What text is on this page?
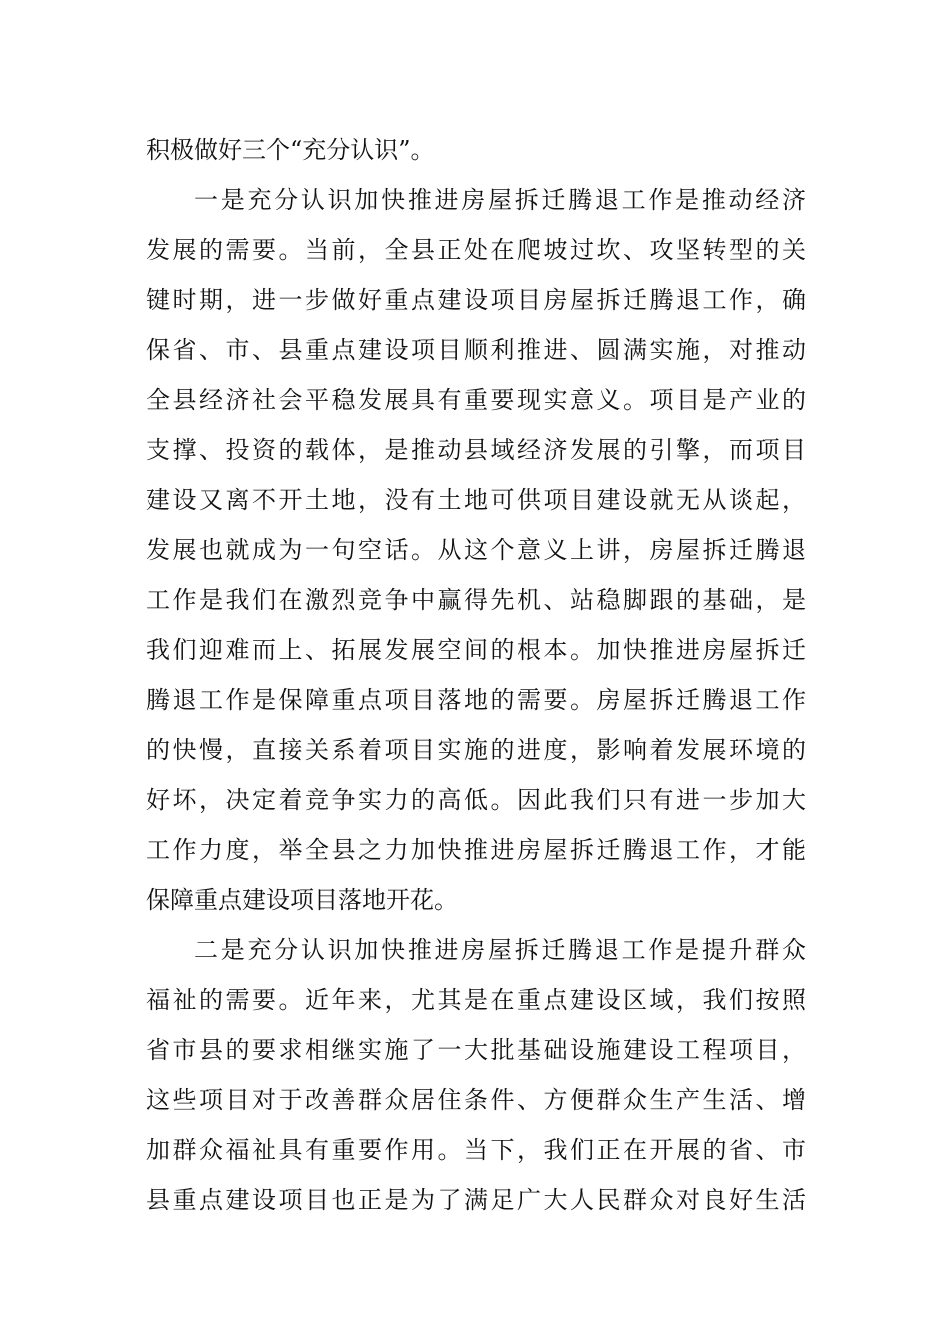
积极做好三个“充分认识”。
一是充分认识加快推进房屋拆迁腾退工作是推动经济
发展的需要。当前，全县正处在爬坡过坎、攻坚转型的关
键时期，进一步做好重点建设项目房屋拆迁腾退工作，确
保省、市、县重点建设项目顺利推进、圆满实施，对推动
全县经济社会平稳发展具有重要现实意义。项目是产业的
支撑、投资的载体，是推动县域经济发展的引擎，而项目
建设又离不开土地，没有土地可供项目建设就无从谈起，
发展也就成为一句空话。从这个意义上讲，房屋拆迁腾退
工作是我们在激烈竞争中赢得先机、站稳脚跟的基础，是
我们迎难而上、拓展发展空间的根本。加快推进房屋拆迁
腾退工作是保障重点项目落地的需要。房屋拆迁腾退工作
的快慢，直接关系着项目实施的进度，影响着发展环境的
好坏，决定着竞争实力的高低。因此我们只有进一步加大
工作力度，举全县之力加快推进房屋拆迁腾退工作，才能
保障重点建设项目落地开花。
二是充分认识加快推进房屋拆迁腾退工作是提升群众
福祉的需要。近年来，尤其是在重点建设区域，我们按照
省市县的要求相继实施了一大批基础设施建设工程项目，
这些项目对于改善群众居住条件、方便群众生产生活、增
加群众福祉具有重要作用。当下，我们正在开展的省、市
县重点建设项目也正是为了满足广大人民群众对良好生活
